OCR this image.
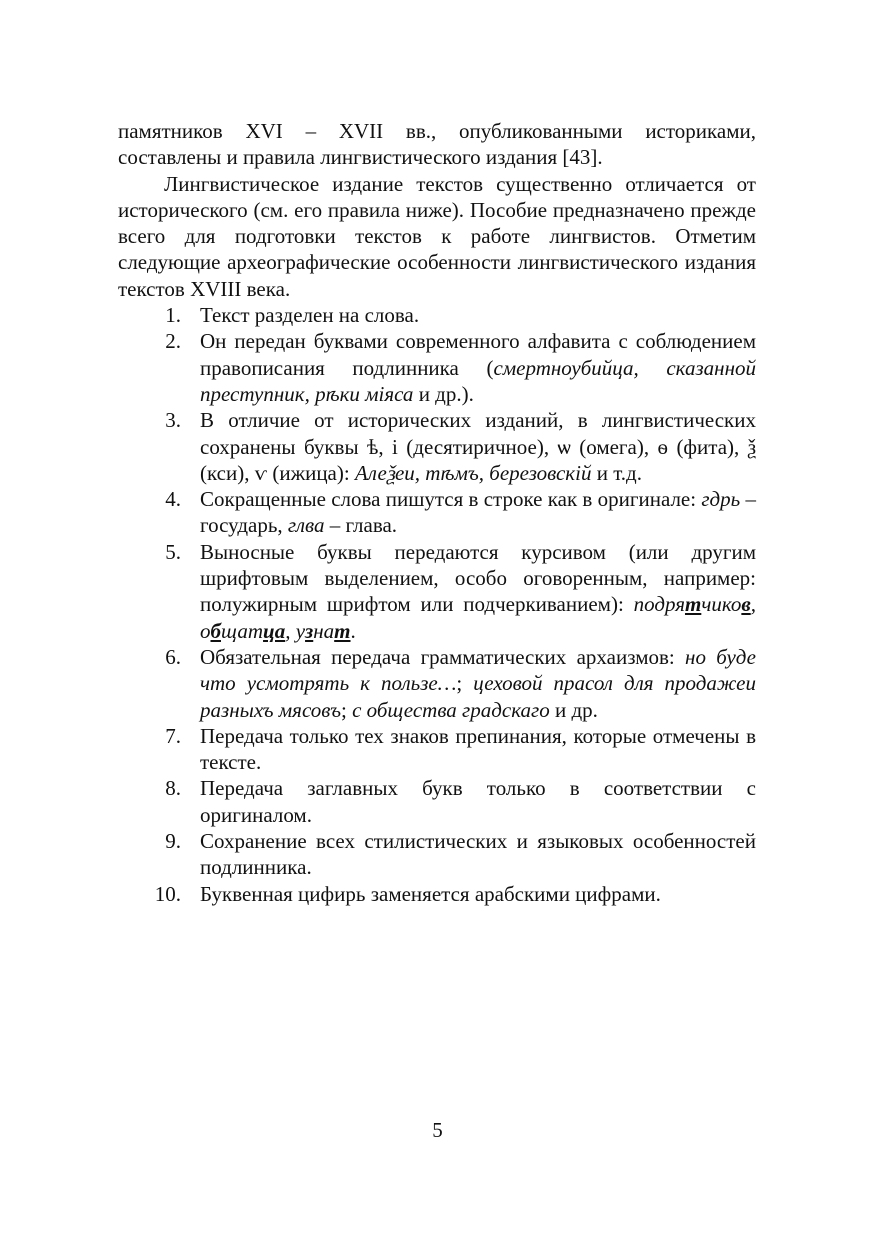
памятников XVI – XVII вв., опубликованными историками, составлены и правила лингвистического издания [43].

Лингвистическое издание текстов существенно отличается от исторического (см. его правила ниже). Пособие предназначено прежде всего для подготовки текстов к работе лингвистов. Отметим следующие археографические особенности лингвистического издания текстов XVIII века.

1. Текст разделен на слова.
2. Он передан буквами современного алфавита с соблюдением правописания подлинника (смертноубийца, сказанной преступник, рѣки міяса и др.).
3. В отличие от исторических изданий, в лингвистических сохранены буквы ѣ, і (десятиричное), ѡ (омега), ѳ (фита), ѯ (кси), ѵ (ижица): Алеѯеи, тѣмъ, березовскій и т.д.
4. Сокращенные слова пишутся в строке как в оригинале: гдрь – государь, глва – глава.
5. Выносные буквы передаются курсивом (или другим шрифтовым выделением, особо оговоренным, например: полужирным шрифтом или подчеркиванием): подрятчиков, общатца, узнат.
6. Обязательная передача грамматических архаизмов: но буде что усмотрять к пользе…; цеховой прасол для продажеи разныхъ мясовъ; с общества градскаго и др.
7. Передача только тех знаков препинания, которые отмечены в тексте.
8. Передача заглавных букв только в соответствии с оригиналом.
9. Сохранение всех стилистических и языковых особенностей подлинника.
10. Буквенная цифирь заменяется арабскими цифрами.
5
